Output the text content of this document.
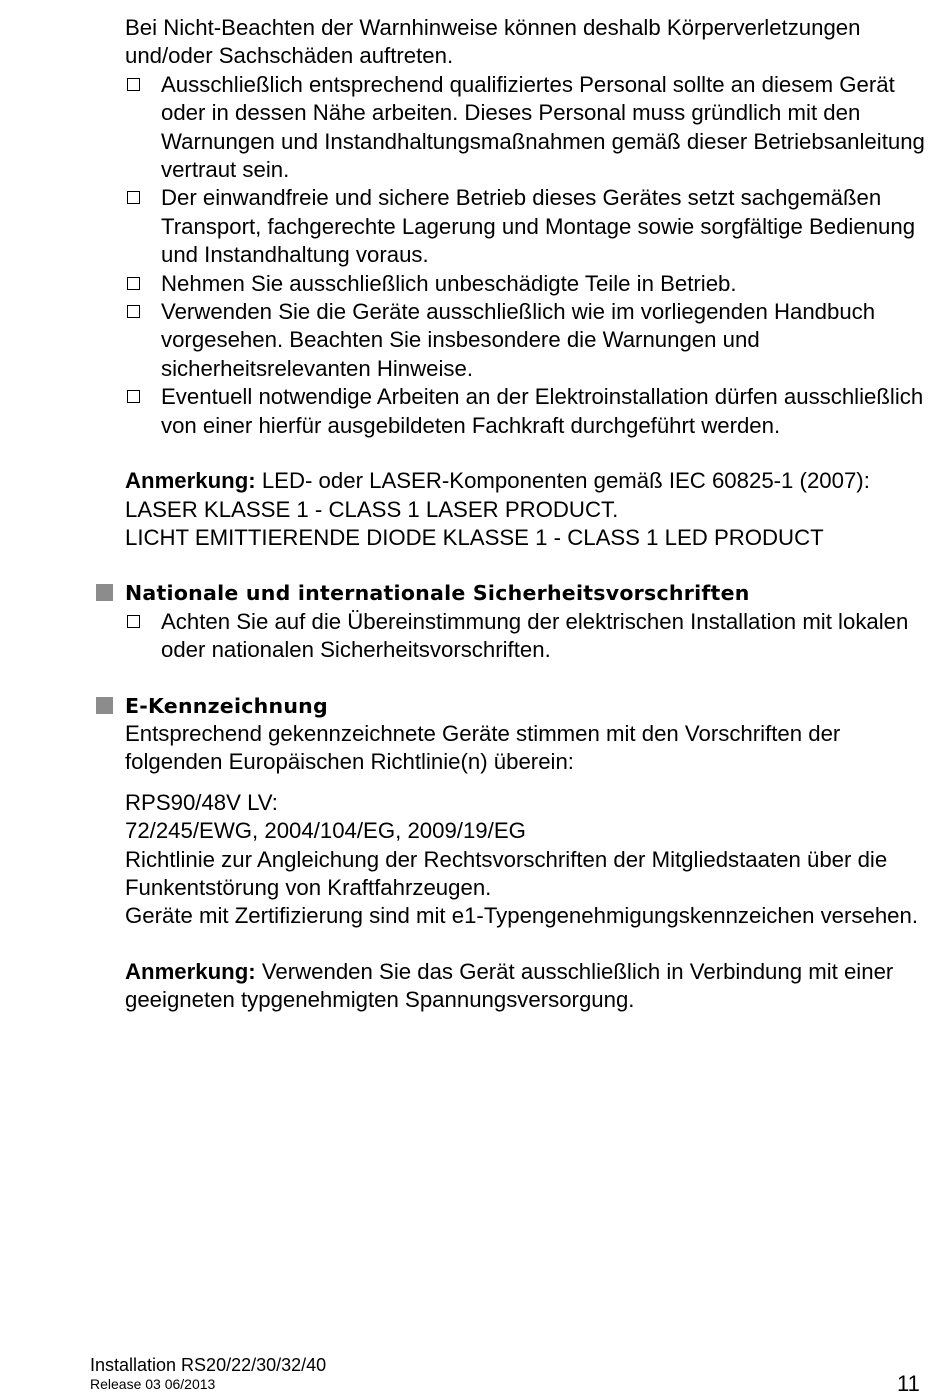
Bei Nicht-Beachten der Warnhinweise können deshalb Körperverletzungen und/oder Sachschäden auftreten.

Ausschließlich entsprechend qualifiziertes Personal sollte an diesem Gerät oder in dessen Nähe arbeiten. Dieses Personal muss gründlich mit den Warnungen und Instandhaltungsmaßnahmen gemäß dieser Betriebsanleitung vertraut sein.
Der einwandfreie und sichere Betrieb dieses Gerätes setzt sachgemäßen Transport, fachgerechte Lagerung und Montage sowie sorgfältige Bedienung und Instandhaltung voraus.
Nehmen Sie ausschließlich unbeschädigte Teile in Betrieb.
Verwenden Sie die Geräte ausschließlich wie im vorliegenden Handbuch vorgesehen. Beachten Sie insbesondere die Warnungen und sicherheitsrelevanten Hinweise.
Eventuell notwendige Arbeiten an der Elektroinstallation dürfen ausschließlich von einer hierfür ausgebildeten Fachkraft durchgeführt werden.

Anmerkung: LED- oder LASER-Komponenten gemäß IEC 60825-1 (2007):

LASER KLASSE 1 - CLASS 1 LASER PRODUCT.

LICHT EMITTIERENDE DIODE KLASSE 1 - CLASS 1 LED PRODUCT

Nationale und internationale Sicherheitsvorschriften
Achten Sie auf die Übereinstimmung der elektrischen Installation mit lokalen oder nationalen Sicherheitsvorschriften.
E-Kennzeichnung

Entsprechend gekennzeichnete Geräte stimmen mit den Vorschriften der folgenden Europäischen Richtlinie(n) überein:

RPS90/48V LV:

72/245/EWG, 2004/104/EG, 2009/19/EG

Richtlinie zur Angleichung der Rechtsvorschriften der Mitgliedstaaten über die Funkentstörung von Kraftfahrzeugen.

Geräte mit Zertifizierung sind mit e1-Typengenehmigungskennzeichen versehen.

Anmerkung: Verwenden Sie das Gerät ausschließlich in Verbindung mit einer geeigneten typgenehmigten Spannungsversorgung.

Installation RS20/22/30/32/40
Release 03 06/2013	11
